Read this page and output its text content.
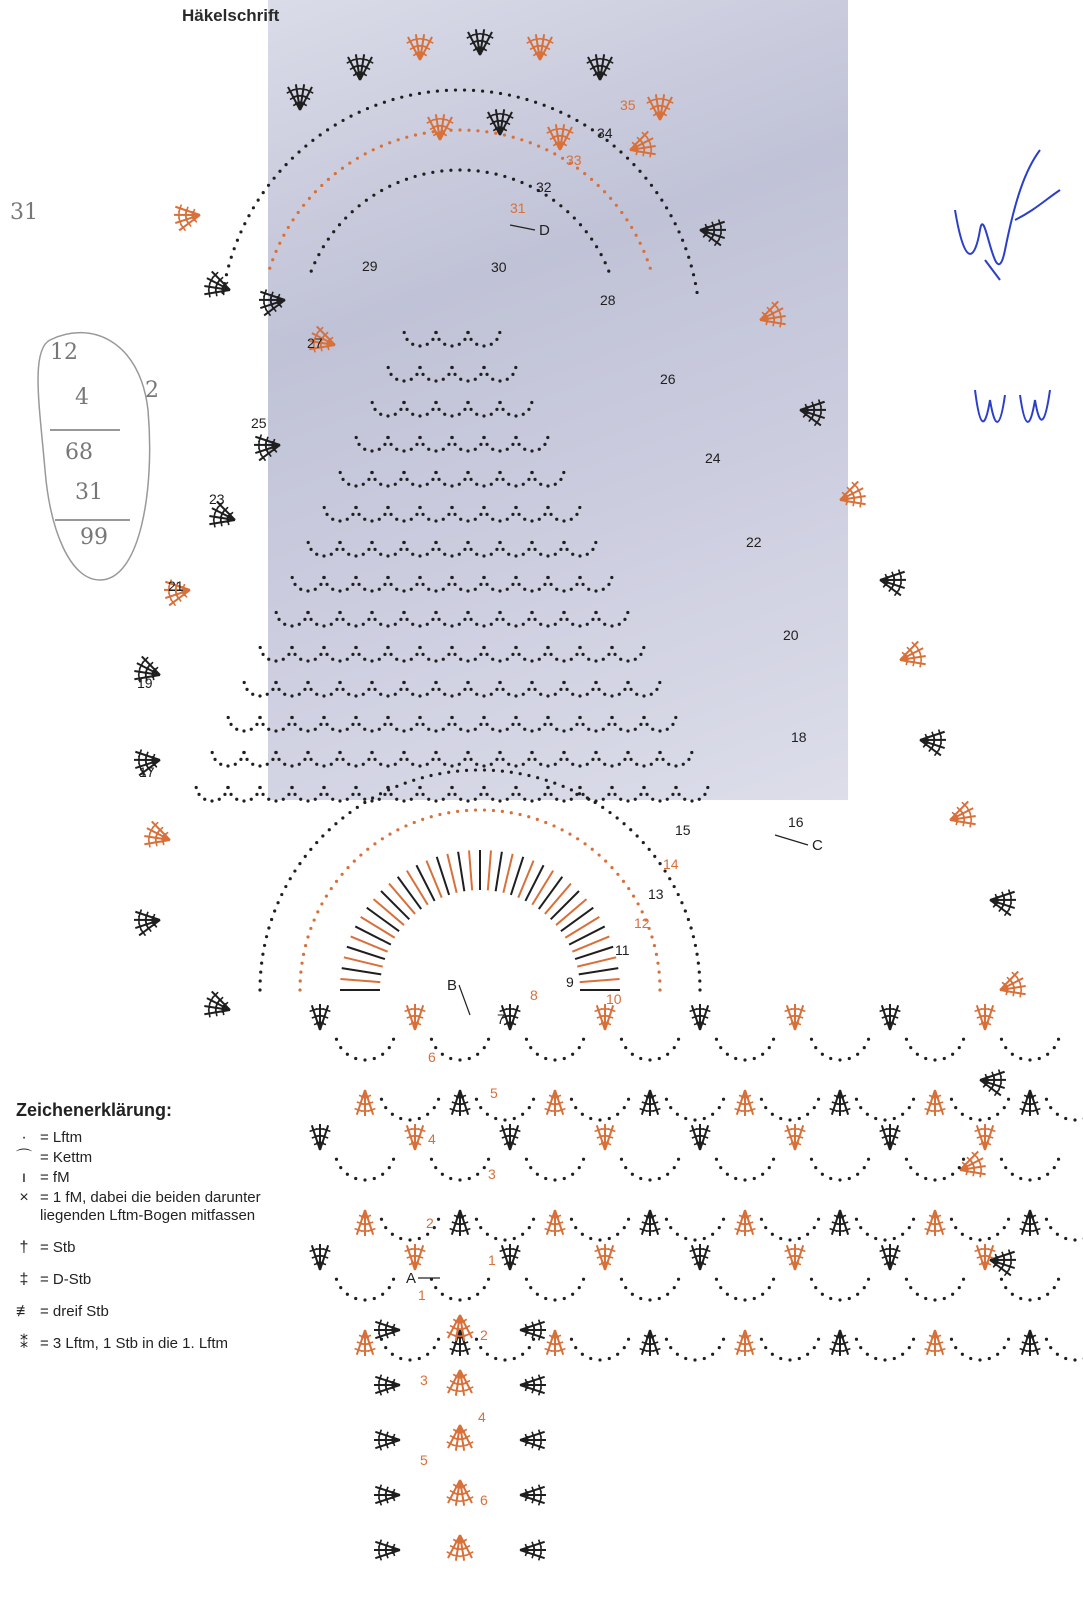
Häkelschrift
34
32
30
29
28
27
26
25
24
23
22
21
20
19
18
17
16
15
13
11
9
7
35
33
31
14
12
10
8
6
5
4
3
2
1
1
2
3
4
5
6
A
B
C
D
31
12
4	2
68
31
99
Zeichenerklärung:
· = Lftm
⌒ = Kettm
ı = fM
× = 1 fM, dabei die beiden darunter liegenden Lftm-Bogen mitfassen
† = Stb
‡ = D-Stb
≢ = dreif Stb
⁑ = 3 Lftm, 1 Stb in die 1. Lftm
